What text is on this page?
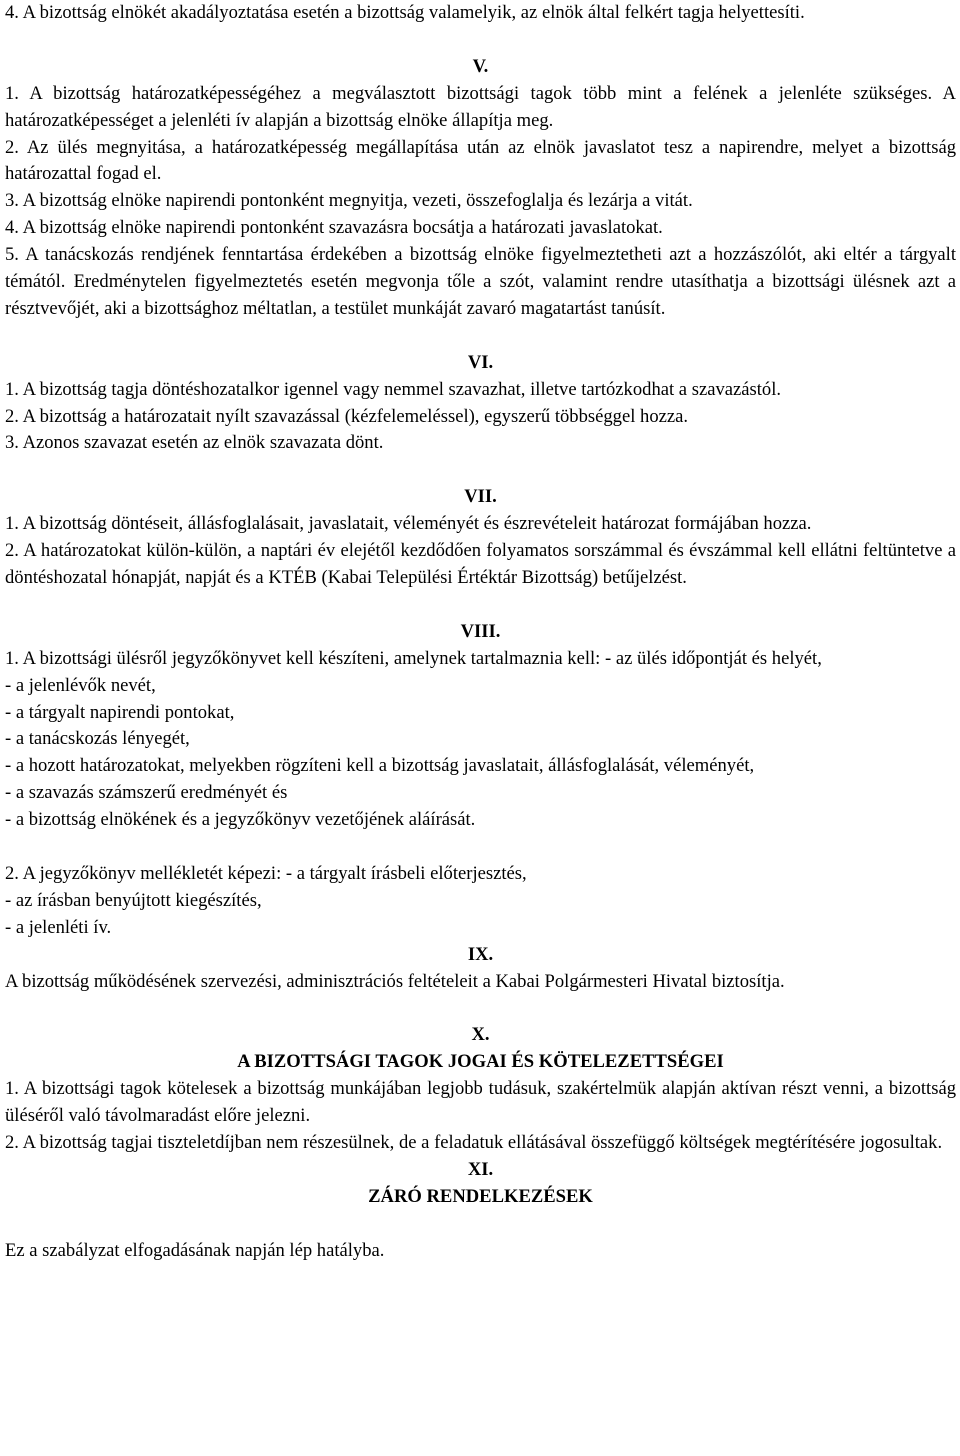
4. A bizottság elnökét akadályoztatása esetén a bizottság valamelyik, az elnök által felkért tagja helyettesíti.

V.

1. A bizottság határozatképességéhez a megválasztott bizottsági tagok több mint a felének a jelenléte szükséges. A határozatképességet a jelenléti ív alapján a bizottság elnöke állapítja meg.

2. Az ülés megnyitása, a határozatképesség megállapítása után az elnök javaslatot tesz a napirendre, melyet a bizottság határozattal fogad el.

3. A bizottság elnöke napirendi pontonként megnyitja, vezeti, összefoglalja és lezárja a vitát.

4. A bizottság elnöke napirendi pontonként szavazásra bocsátja a határozati javaslatokat.

5. A tanácskozás rendjének fenntartása érdekében a bizottság elnöke figyelmeztetheti azt a hozzászólót, aki eltér a tárgyalt témától. Eredménytelen figyelmeztetés esetén megvonja tőle a szót, valamint rendre utasíthatja a bizottsági ülésnek azt a résztvevőjét, aki a bizottsághoz méltatlan, a testület munkáját zavaró magatartást tanúsít.

VI.

1. A bizottság tagja döntéshozatalkor igennel vagy nemmel szavazhat, illetve tartózkodhat a szavazástól.

2. A bizottság a határozatait nyílt szavazással (kézfelemeléssel), egyszerű többséggel hozza.

3. Azonos szavazat esetén az elnök szavazata dönt.

VII.

1. A bizottság döntéseit, állásfoglalásait, javaslatait, véleményét és észrevételeit határozat formájában hozza.

2. A határozatokat külön-külön, a naptári év elejétől kezdődően folyamatos sorszámmal és évszámmal kell ellátni feltüntetve a döntéshozatal hónapját, napját és a KTÉB (Kabai Települési Értéktár Bizottság) betűjelzést.

VIII.

1. A bizottsági ülésről jegyzőkönyvet kell készíteni, amelynek tartalmaznia kell: - az ülés időpontját és helyét,

- a jelenlévők nevét,

- a tárgyalt napirendi pontokat,

- a tanácskozás lényegét,

- a hozott határozatokat, melyekben rögzíteni kell a bizottság javaslatait, állásfoglalását, véleményét,

- a szavazás számszerű eredményét és

- a bizottság elnökének és a jegyzőkönyv vezetőjének aláírását.

2. A jegyzőkönyv mellékletét képezi: - a tárgyalt írásbeli előterjesztés,

- az írásban benyújtott kiegészítés,

- a jelenléti ív.

IX.

A bizottság működésének szervezési, adminisztrációs feltételeit a Kabai Polgármesteri Hivatal biztosítja.

X.

A BIZOTTSÁGI TAGOK JOGAI ÉS KÖTELEZETTSÉGEI

1. A bizottsági tagok kötelesek a bizottság munkájában legjobb tudásuk, szakértelmük alapján aktívan részt venni, a bizottság üléséről való távolmaradást előre jelezni.

2. A bizottság tagjai tiszteletdíjban nem részesülnek, de a feladatuk ellátásával összefüggő költségek megtérítésére jogosultak.

XI.

ZÁRÓ RENDELKEZÉSEK

Ez a szabályzat elfogadásának napján lép hatályba.
